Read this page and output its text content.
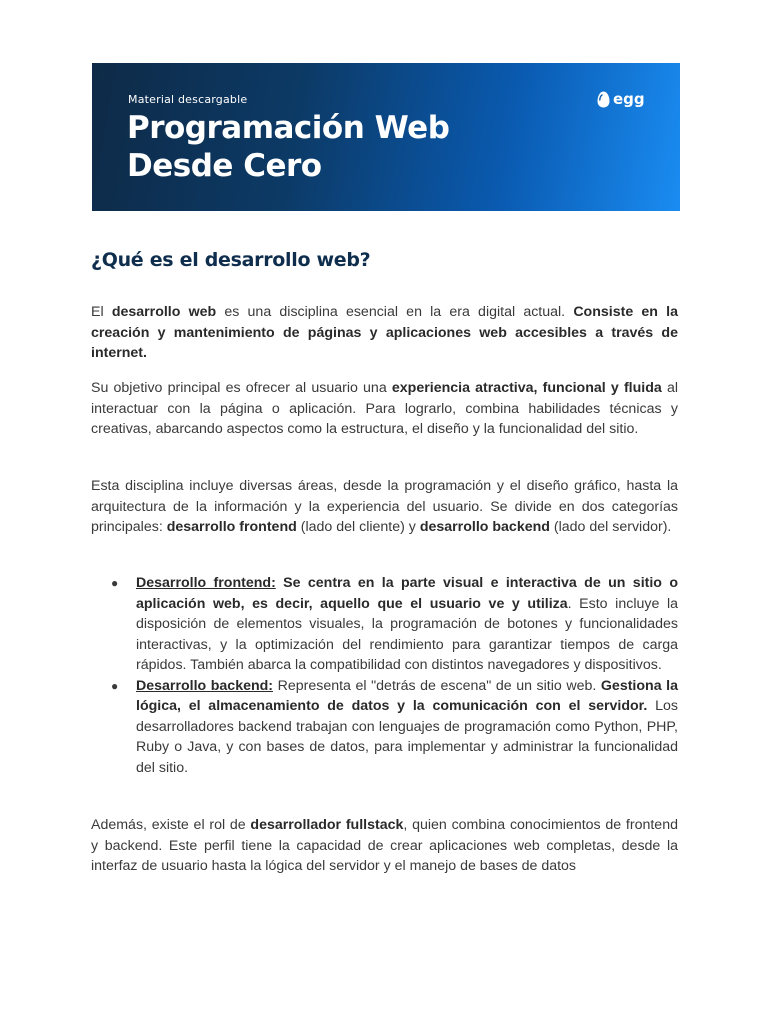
Material descargable
Programación Web
Desde Cero
egg
¿Qué es el desarrollo web?
El desarrollo web es una disciplina esencial en la era digital actual. Consiste en la creación y mantenimiento de páginas y aplicaciones web accesibles a través de internet.
Su objetivo principal es ofrecer al usuario una experiencia atractiva, funcional y fluida al interactuar con la página o aplicación. Para lograrlo, combina habilidades técnicas y creativas, abarcando aspectos como la estructura, el diseño y la funcionalidad del sitio.
Esta disciplina incluye diversas áreas, desde la programación y el diseño gráfico, hasta la arquitectura de la información y la experiencia del usuario. Se divide en dos categorías principales: desarrollo frontend (lado del cliente) y desarrollo backend (lado del servidor).
● Desarrollo frontend: Se centra en la parte visual e interactiva de un sitio o aplicación web, es decir, aquello que el usuario ve y utiliza. Esto incluye la disposición de elementos visuales, la programación de botones y funcionalidades interactivas, y la optimización del rendimiento para garantizar tiempos de carga rápidos. También abarca la compatibilidad con distintos navegadores y dispositivos.
● Desarrollo backend: Representa el "detrás de escena" de un sitio web. Gestiona la lógica, el almacenamiento de datos y la comunicación con el servidor. Los desarrolladores backend trabajan con lenguajes de programación como Python, PHP, Ruby o Java, y con bases de datos, para implementar y administrar la funcionalidad del sitio.
Además, existe el rol de desarrollador fullstack, quien combina conocimientos de frontend y backend. Este perfil tiene la capacidad de crear aplicaciones web completas, desde la interfaz de usuario hasta la lógica del servidor y el manejo de bases de datos
